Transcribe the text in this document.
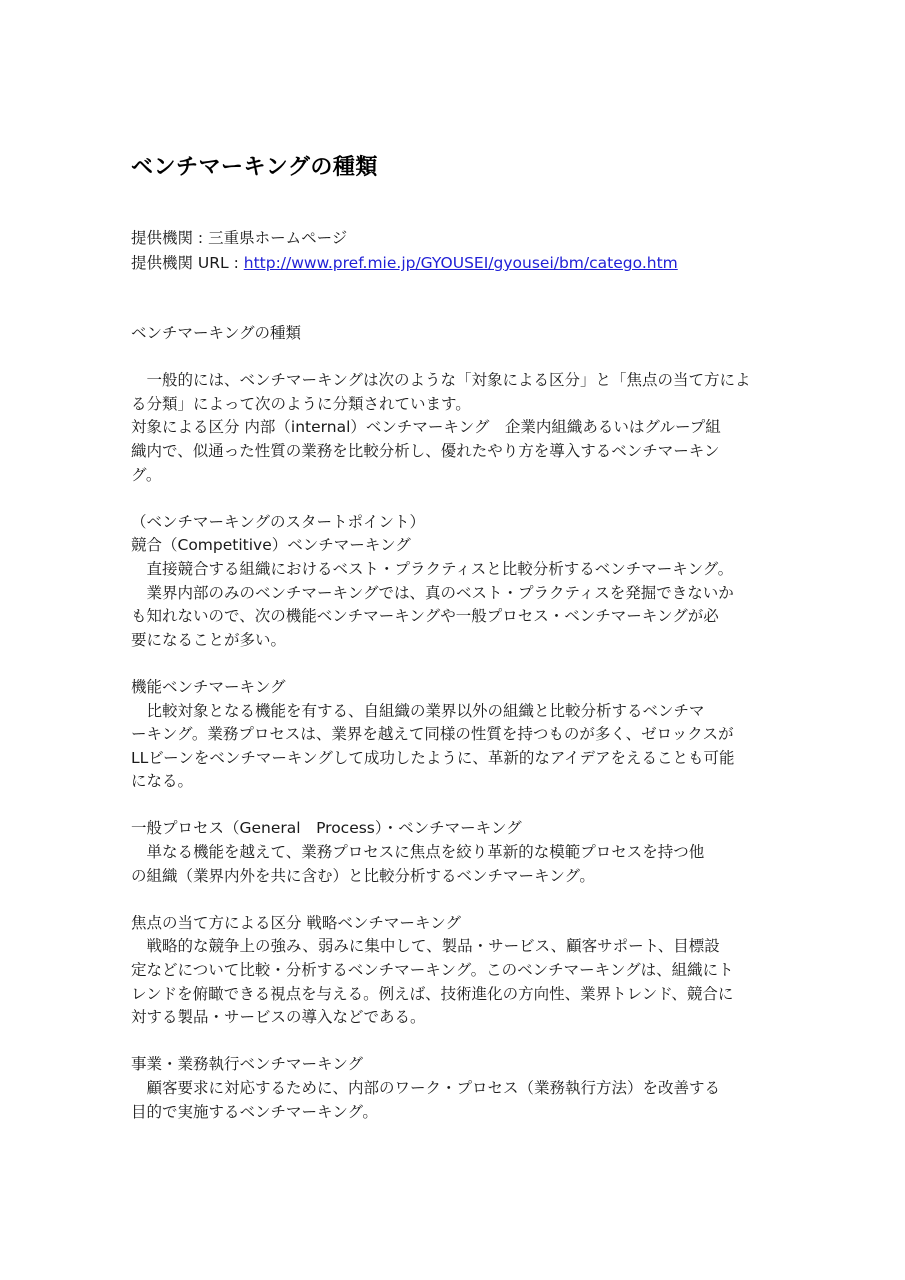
ベンチマーキングの種類
提供機関 : 三重県ホームページ
提供機関 URL : http://www.pref.mie.jp/GYOUSEI/gyousei/bm/catego.htm

ベンチマーキングの種類

　一般的には、ベンチマーキングは次のような「対象による区分」と「焦点の当て方によ

る分類」によって次のように分類されています。

対象による区分 内部（internal）ベンチマーキング　企業内組織あるいはグループ組

織内で、似通った性質の業務を比較分析し、優れたやり方を導入するベンチマーキン

グ。

（ベンチマーキングのスタートポイント）

競合（Competitive）ベンチマーキング

　直接競合する組織におけるベスト・プラクティスと比較分析するベンチマーキング。

　業界内部のみのベンチマーキングでは、真のベスト・プラクティスを発掘できないか

も知れないので、次の機能ベンチマーキングや一般プロセス・ベンチマーキングが必

要になることが多い。

機能ベンチマーキング

　比較対象となる機能を有する、自組織の業界以外の組織と比較分析するベンチマ

ーキング。業務プロセスは、業界を越えて同様の性質を持つものが多く、ゼロックスが

LLビーンをベンチマーキングして成功したように、革新的なアイデアをえることも可能

になる。

一般プロセス（General　Process）・ベンチマーキング

　単なる機能を越えて、業務プロセスに焦点を絞り革新的な模範プロセスを持つ他

の組織（業界内外を共に含む）と比較分析するベンチマーキング。

焦点の当て方による区分 戦略ベンチマーキング

　戦略的な競争上の強み、弱みに集中して、製品・サービス、顧客サポート、目標設

定などについて比較・分析するベンチマーキング。このベンチマーキングは、組織にト

レンドを俯瞰できる視点を与える。例えば、技術進化の方向性、業界トレンド、競合に

対する製品・サービスの導入などである。

事業・業務執行ベンチマーキング

　顧客要求に対応するために、内部のワーク・プロセス（業務執行方法）を改善する

目的で実施するベンチマーキング。
